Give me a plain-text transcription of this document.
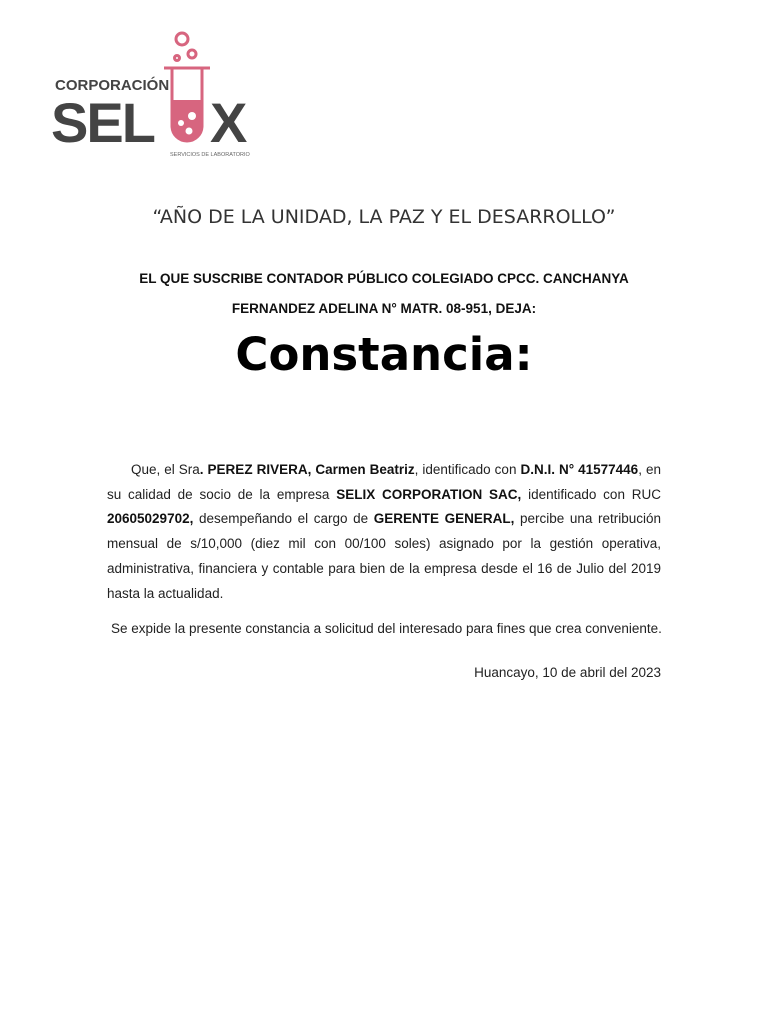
CORPORACIÓN
SEL X
SERVICIOS DE LABORATORIO
“AÑO DE LA UNIDAD, LA PAZ Y EL DESARROLLO”
EL QUE SUSCRIBE CONTADOR PÚBLICO COLEGIADO CPCC. CANCHANYA
FERNANDEZ ADELINA N° MATR. 08-951, DEJA:
Constancia:
Que, el Sra. PEREZ RIVERA, Carmen Beatriz, identificado con D.N.I. N° 41577446, en su calidad de socio de la empresa SELIX CORPORATION SAC, identificado con RUC 20605029702, desempeñando el cargo de GERENTE GENERAL, percibe una retribución mensual de s/10,000 (diez mil con 00/100 soles) asignado por la gestión operativa, administrativa, financiera y contable para bien de la empresa desde el 16 de Julio del 2019 hasta la actualidad.
Se expide la presente constancia a solicitud del interesado para fines que crea conveniente.
Huancayo, 10 de abril del 2023
